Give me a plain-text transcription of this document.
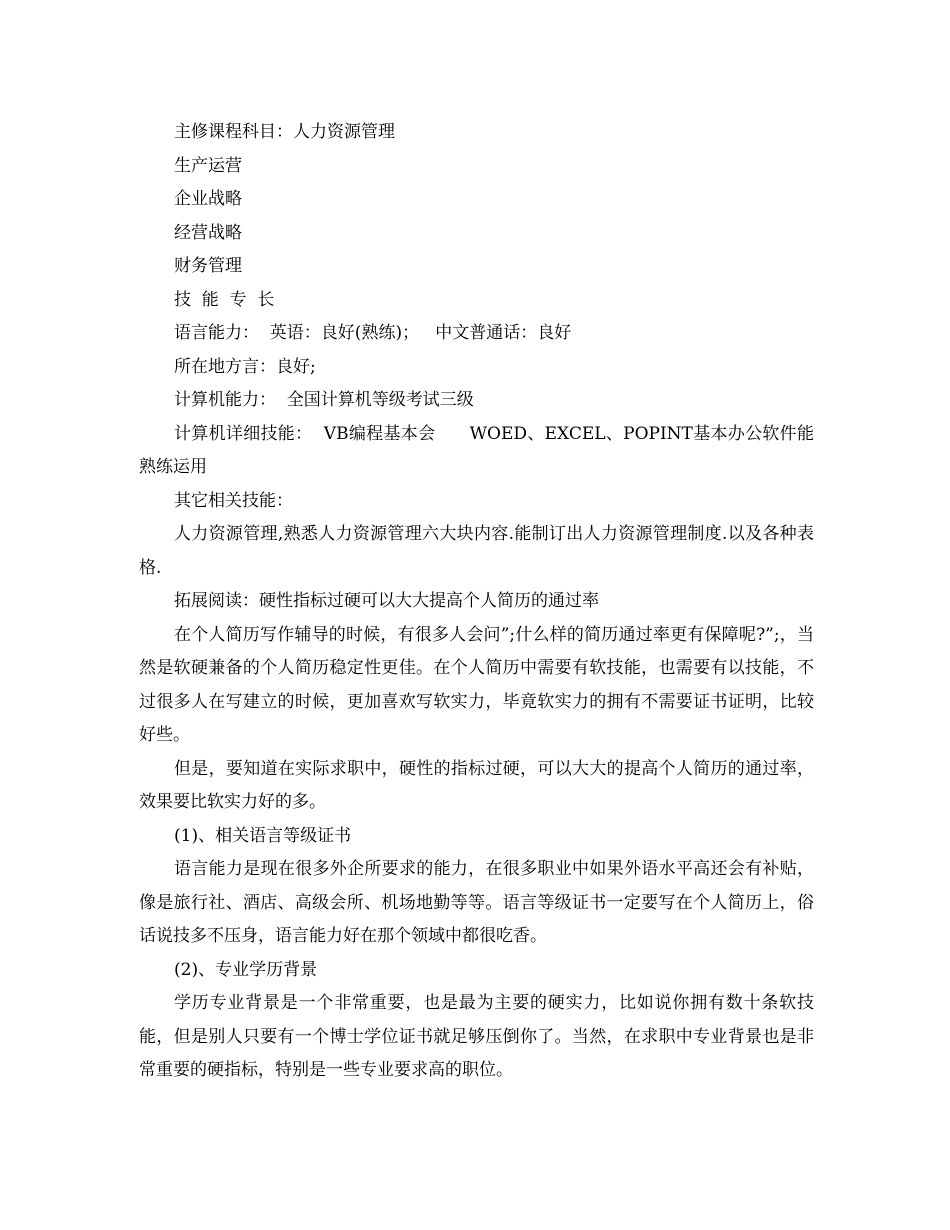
主修课程科目：人力资源管理

生产运营

企业战略

经营战略

财务管理

技  能  专  长

语言能力：  英语：良好(熟练)；   中文普通话：良好

所在地方言：良好;

计算机能力：  全国计算机等级考试三级

计算机详细技能：  VB编程基本会      WOED、EXCEL、POPINT基本办公软件能熟练运用

其它相关技能：

人力资源管理,熟悉人力资源管理六大块内容.能制订出人力资源管理制度.以及各种表格.

拓展阅读：硬性指标过硬可以大大提高个人简历的通过率

在个人简历写作辅导的时候，有很多人会问”;什么样的简历通过率更有保障呢?”;，当然是软硬兼备的个人简历稳定性更佳。在个人简历中需要有软技能，也需要有以技能，不过很多人在写建立的时候，更加喜欢写软实力，毕竟软实力的拥有不需要证书证明，比较好些。

但是，要知道在实际求职中，硬性的指标过硬，可以大大的提高个人简历的通过率，效果要比软实力好的多。

(1)、相关语言等级证书

语言能力是现在很多外企所要求的能力，在很多职业中如果外语水平高还会有补贴，像是旅行社、酒店、高级会所、机场地勤等等。语言等级证书一定要写在个人简历上，俗话说技多不压身，语言能力好在那个领域中都很吃香。

(2)、专业学历背景

学历专业背景是一个非常重要，也是最为主要的硬实力，比如说你拥有数十条软技能，但是别人只要有一个博士学位证书就足够压倒你了。当然，在求职中专业背景也是非常重要的硬指标，特别是一些专业要求高的职位。
